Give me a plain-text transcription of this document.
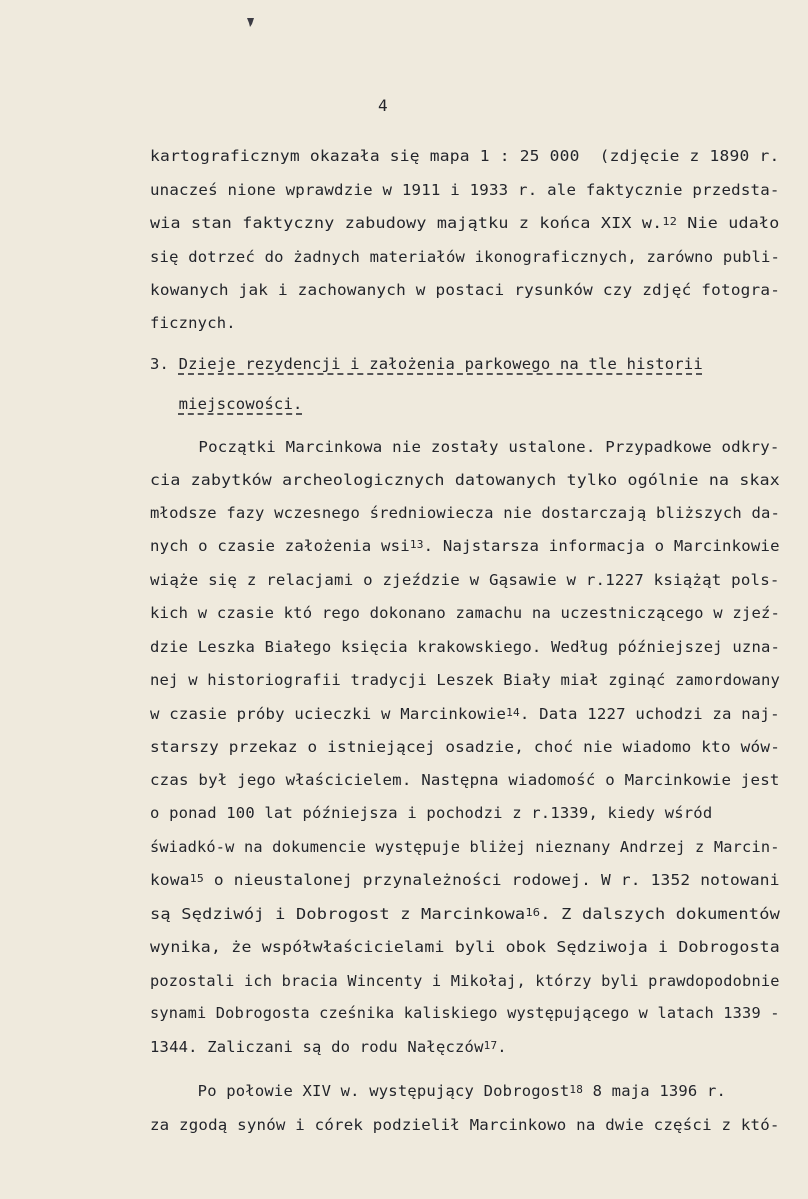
4
kartograficznym okazała się mapa 1 : 25 000  (zdjęcie z 1890 r.
unacześ nione wprawdzie w 1911 i 1933 r. ale faktycznie przedsta-
wia stan faktyczny zabudowy majątku z końca XIX w.$^{12}$ Nie udało
się dotrzeć do żadnych materiałów ikonograficznych, zarówno publi-
kowanych jak i zachowanych w postaci rysunków czy zdjęć fotogra-
ficznych.
3. Dzieje rezydencji i założenia parkowego na tle historii
miejscowości.
Początki Marcinkowa nie zostały ustalone. Przypadkowe odkry-
cia zabytków archeologicznych datowanych tylko ogólnie na skax
młodsze fazy wczesnego średniowiecza nie dostarczają bliższych da-
nych o czasie założenia wsi$^{13}$. Najstarsza informacja o Marcinkowie
wiąże się z relacjami o zjeździe w Gąsawie w r.1227 książąt pols-
kich w czasie któ rego dokonano zamachu na uczestniczącego w zjeź-
dzie Leszka Białego księcia krakowskiego. Według późniejszej uzna-
nej w historiografii tradycji Leszek Biały miał zginąć zamordowany
w czasie próby ucieczki w Marcinkowie$^{14}$. Data 1227 uchodzi za naj-
starszy przekaz o istniejącej osadzie, choć nie wiadomo kto wów-
czas był jego właścicielem. Następna wiadomość o Marcinkowie jest
o ponad 100 lat późniejsza i pochodzi z r.1339, kiedy wśród
świadkó-w na dokumencie występuje bliżej nieznany Andrzej z Marcin-
kowa$^{15}$ o nieustalonej przynależności rodowej. W r. 1352 notowani
są Sędziwój i Dobrogost z Marcinkowa$^{16}$. Z dalszych dokumentów
wynika, że współwłaścicielami byli obok Sędziwoja i Dobrogosta
pozostali ich bracia Wincenty i Mikołaj, którzy byli prawdopodobnie
synami Dobrogosta cześnika kaliskiego występującego w latach 1339 -
1344. Zaliczani są do rodu Nałęczów$^{17}$.
Po połowie XIV w. występujący Dobrogost$^{18}$ 8 maja 1396 r.
za zgodą synów i córek podzielił Marcinkowo na dwie części z któ-
